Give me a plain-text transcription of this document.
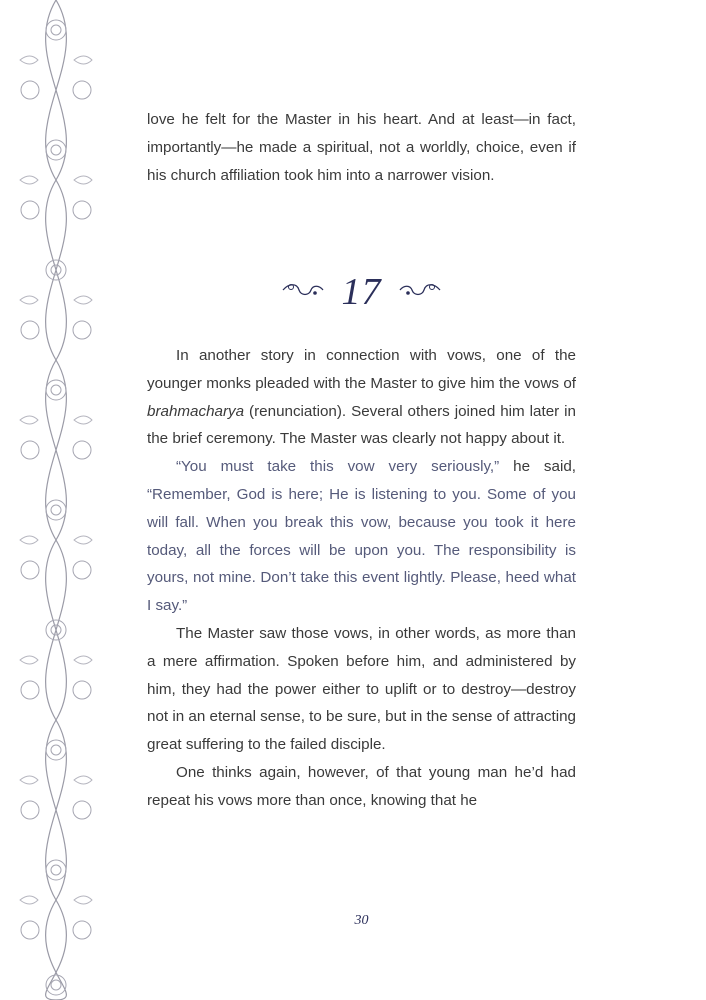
love he felt for the Master in his heart. And at least—in fact, importantly—he made a spiritual, not a worldly, choice, even if his church affiliation took him into a narrower vision.

17

In another story in connection with vows, one of the younger monks pleaded with the Master to give him the vows of brahmacharya (renunciation). Several others joined him later in the brief ceremony. The Master was clearly not happy about it.

“You must take this vow very seriously,” he said, “Remember, God is here; He is listening to you. Some of you will fall. When you break this vow, because you took it here today, all the forces will be upon you. The responsibility is yours, not mine. Don’t take this event lightly. Please, heed what I say.”

The Master saw those vows, in other words, as more than a mere affirmation. Spoken before him, and administered by him, they had the power either to uplift or to destroy—destroy not in an eternal sense, to be sure, but in the sense of attracting great suffering to the failed disciple.

One thinks again, however, of that young man he’d had repeat his vows more than once, knowing that he

30
